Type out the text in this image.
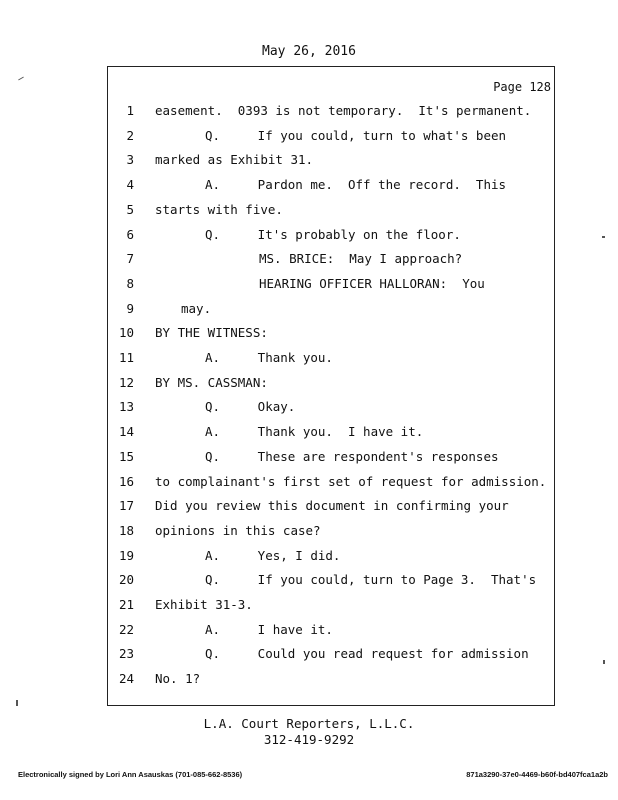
May 26, 2016
Page 128
1 easement.  0393 is not temporary.  It's permanent.
2	Q.     If you could, turn to what's been
3 marked as Exhibit 31.
4	A.     Pardon me.  Off the record.  This
5 starts with five.
6	Q.     It's probably on the floor.
7	MS. BRICE:  May I approach?
8	HEARING OFFICER HALLORAN:  You
9	may.
10 BY THE WITNESS:
11	A.     Thank you.
12 BY MS. CASSMAN:
13	Q.     Okay.
14	A.     Thank you.  I have it.
15	Q.     These are respondent's responses
16 to complainant's first set of request for admission.
17 Did you review this document in confirming your
18 opinions in this case?
19	A.     Yes, I did.
20	Q.     If you could, turn to Page 3.  That's
21 Exhibit 31-3.
22	A.     I have it.
23	Q.     Could you read request for admission
24 No. 1?
L.A. Court Reporters, L.L.C.
312-419-9292
Electronically signed by Lori Ann Asauskas (701-085-662-8536)	871a3290-37e0-4469-b60f-bd407fca1a2b
